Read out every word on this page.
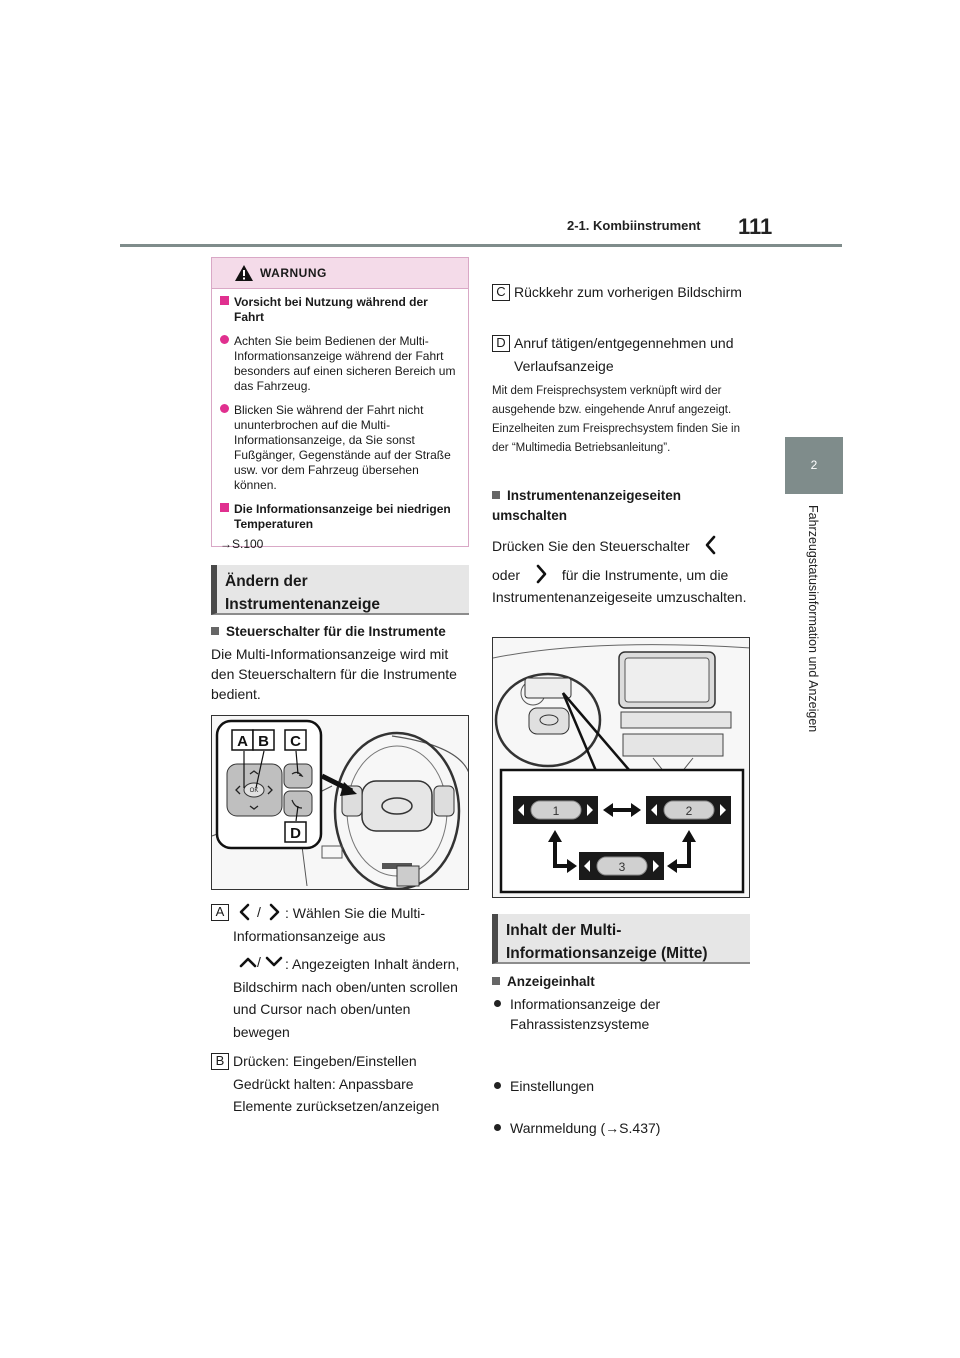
2-1. Kombiinstrument 111
2
Fahrzeugstatusinformation und Anzeigen
WARNUNG
Vorsicht bei Nutzung während der Fahrt
Achten Sie beim Bedienen der Multi-Informationsanzeige während der Fahrt besonders auf einen sicheren Bereich um das Fahrzeug.
Blicken Sie während der Fahrt nicht ununterbrochen auf die Multi-Informationsanzeige, da Sie sonst Fußgänger, Gegenstände auf der Straße usw. vor dem Fahrzeug übersehen können.
Die Informationsanzeige bei niedrigen Temperaturen
→S.100
Ändern der Instrumentenanzeige
Steuerschalter für die Instrumente
Die Multi-Informationsanzeige wird mit den Steuerschaltern für die Instrumente bedient.
OK
A B C
D
A	/	: Wählen Sie die Multi-Informationsanzeige aus
/	: Angezeigten Inhalt ändern, Bildschirm nach oben/unten scrollen und Cursor nach oben/unten bewegen
B Drücken: Eingeben/Einstellen Gedrückt halten: Anpassbare Elemente zurücksetzen/anzeigen
C Rückkehr zum vorherigen Bildschirm
D Anruf tätigen/entgegennehmen und Verlaufsanzeige
Mit dem Freisprechsystem verknüpft wird der ausgehende bzw. eingehende Anruf angezeigt. Einzelheiten zum Freisprechsystem finden Sie in der “Multimedia Betriebsanleitung”.
Instrumentenanzeigeseiten umschalten
Drücken Sie den Steuerschalter
oder	für die Instrumente, um die Instrumentenanzeigeseite umzuschalten.
1	2
3
Inhalt der Multi-Informationsanzeige (Mitte)
Anzeigeinhalt
Informationsanzeige der Fahrassistenzsysteme
Einstellungen
Warnmeldung (→S.437)
